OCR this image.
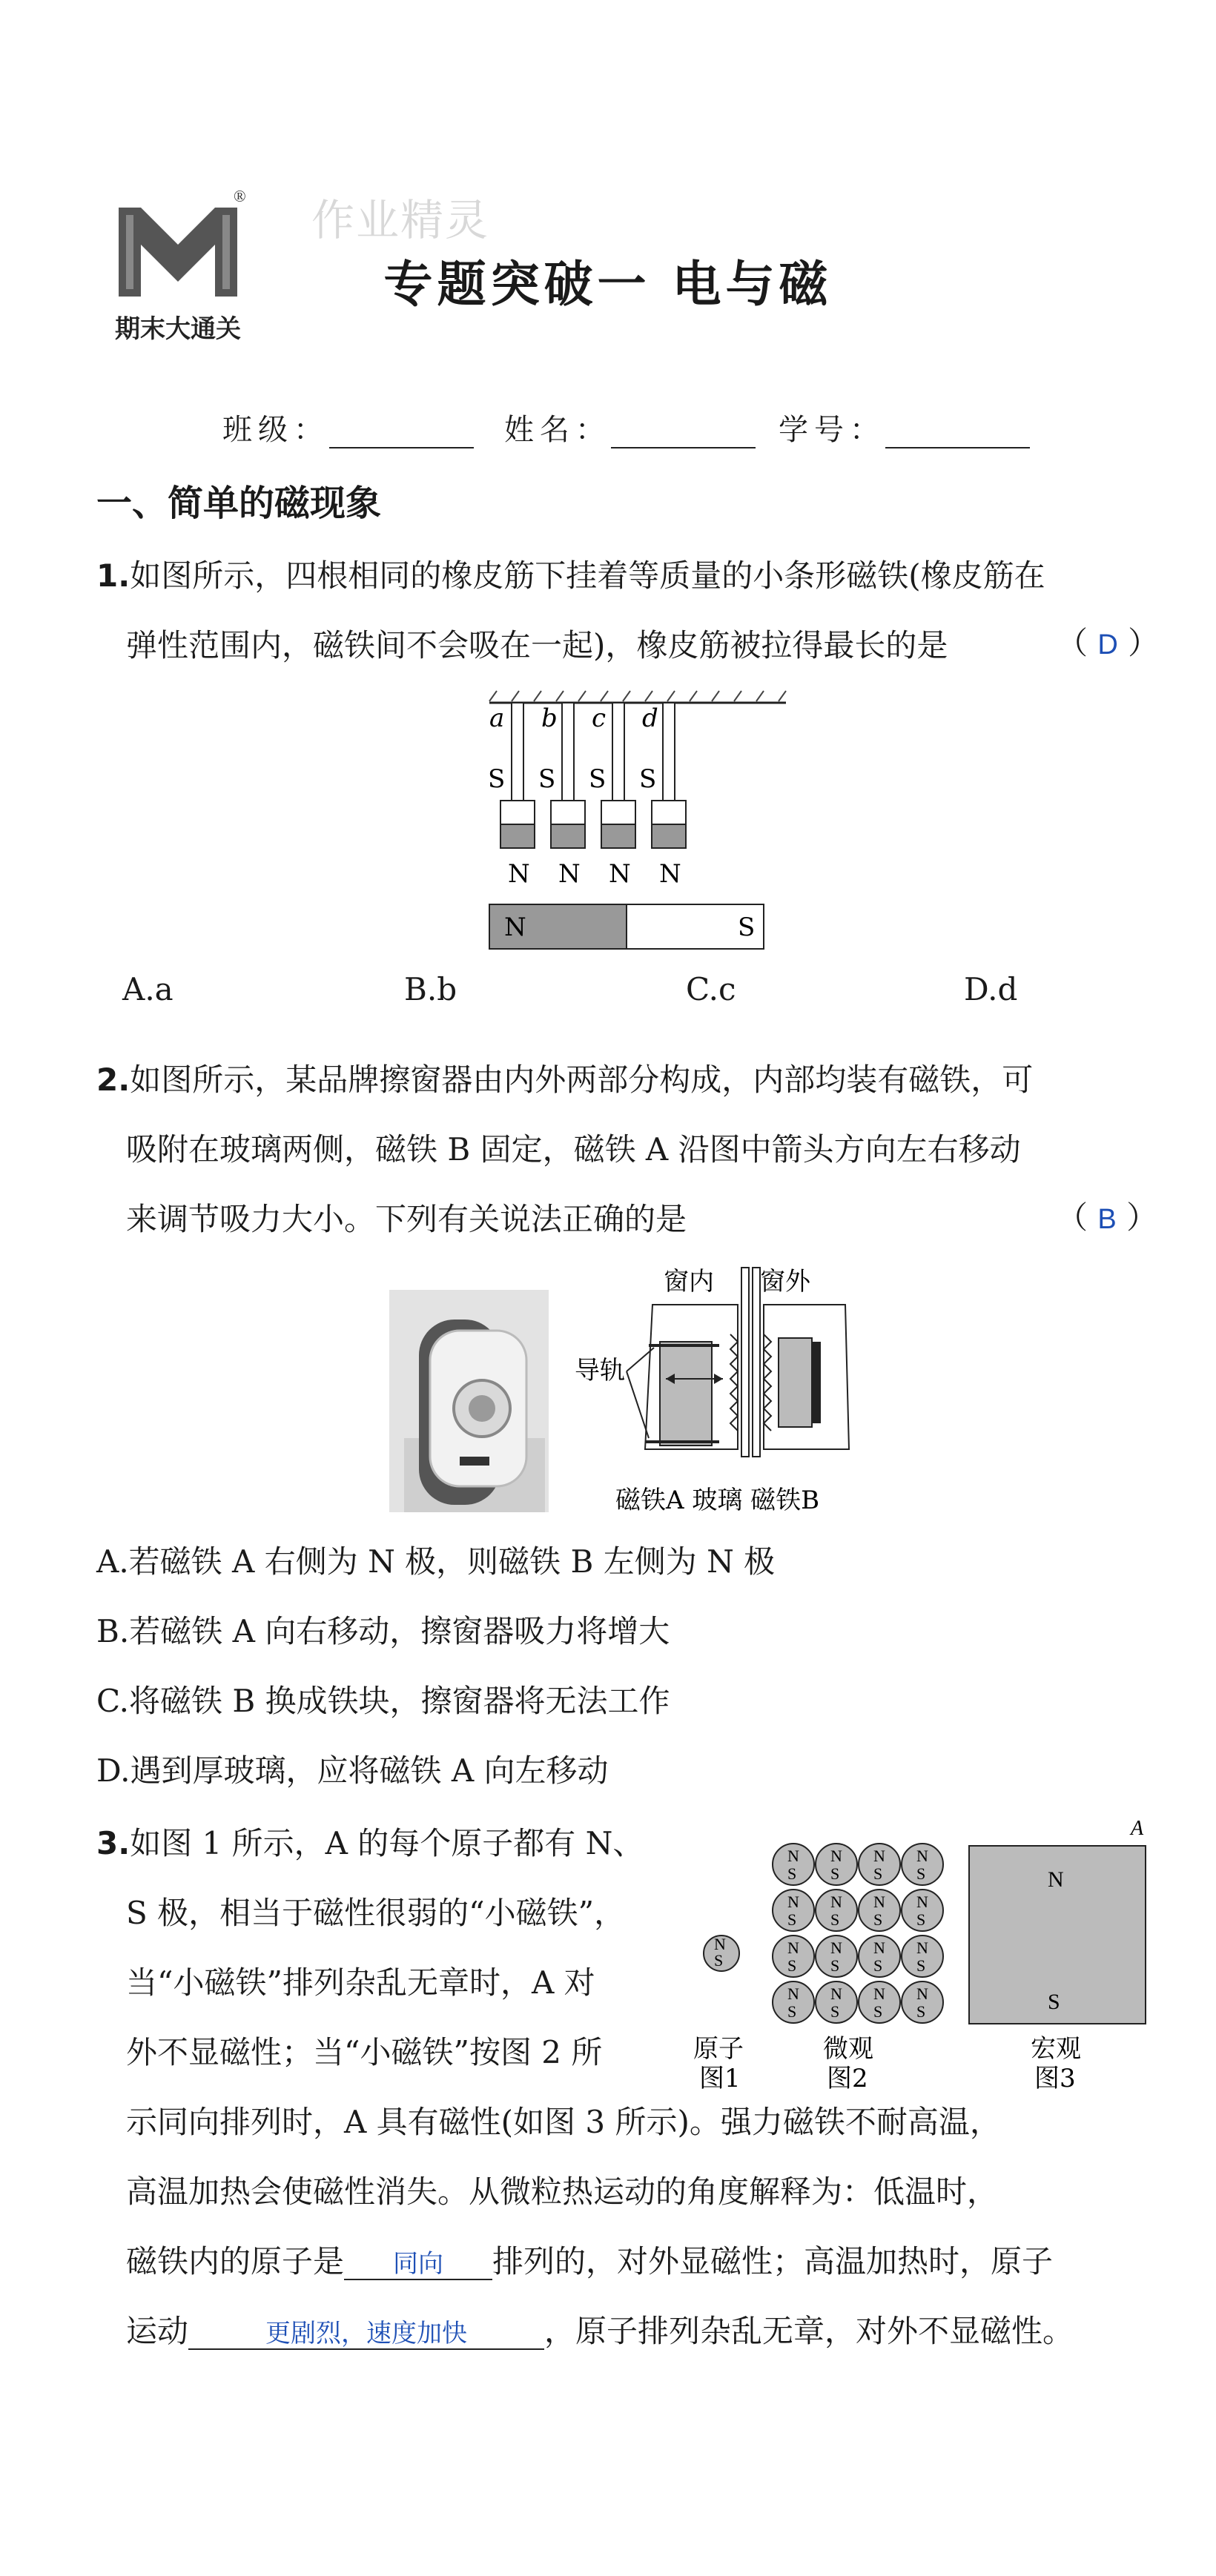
MSMDM
®
期末大通关
作业精灵
专题突破一 电与磁
班级：	姓名：	学号：
一、简单的磁现象
1.如图所示，四根相同的橡皮筋下挂着等质量的小条形磁铁(橡皮筋在
弹性范围内，磁铁间不会吸在一起)，橡皮筋被拉得最长的是	（ D ）
a b c d
S S S S
N N N N
N	S
A.a	B.b	C.c	D.d
2.如图所示，某品牌擦窗器由内外两部分构成，内部均装有磁铁，可
吸附在玻璃两侧，磁铁 B 固定，磁铁 A 沿图中箭头方向左右移动
来调节吸力大小。下列有关说法正确的是	（ B ）
窗内 窗外
导轨
磁铁A 玻璃 磁铁B
A.若磁铁 A 右侧为 N 极，则磁铁 B 左侧为 N 极
B.若磁铁 A 向右移动，擦窗器吸力将增大
C.将磁铁 B 换成铁块，擦窗器将无法工作
D.遇到厚玻璃，应将磁铁 A 向左移动
3.如图 1 所示，A 的每个原子都有 N、
S 极，相当于磁性很弱的“小磁铁”，
当“小磁铁”排列杂乱无章时，A 对
外不显磁性；当“小磁铁”按图 2 所
N
S
N
S
N
S
N
S
N
S
N
S
N
S
N
S
N
S
N
S
N
S
N
S
N
S
N
S
N
S
N
S
N
S
A
N
S
原子
图1
微观
图2
宏观
图3
示同向排列时，A 具有磁性(如图 3 所示)。强力磁铁不耐高温，
高温加热会使磁性消失。从微粒热运动的角度解释为：低温时，
磁铁内的原子是 同向 排列的，对外显磁性；高温加热时，原子
运动	更剧烈，速度加快 ，原子排列杂乱无章，对外不显磁性。
